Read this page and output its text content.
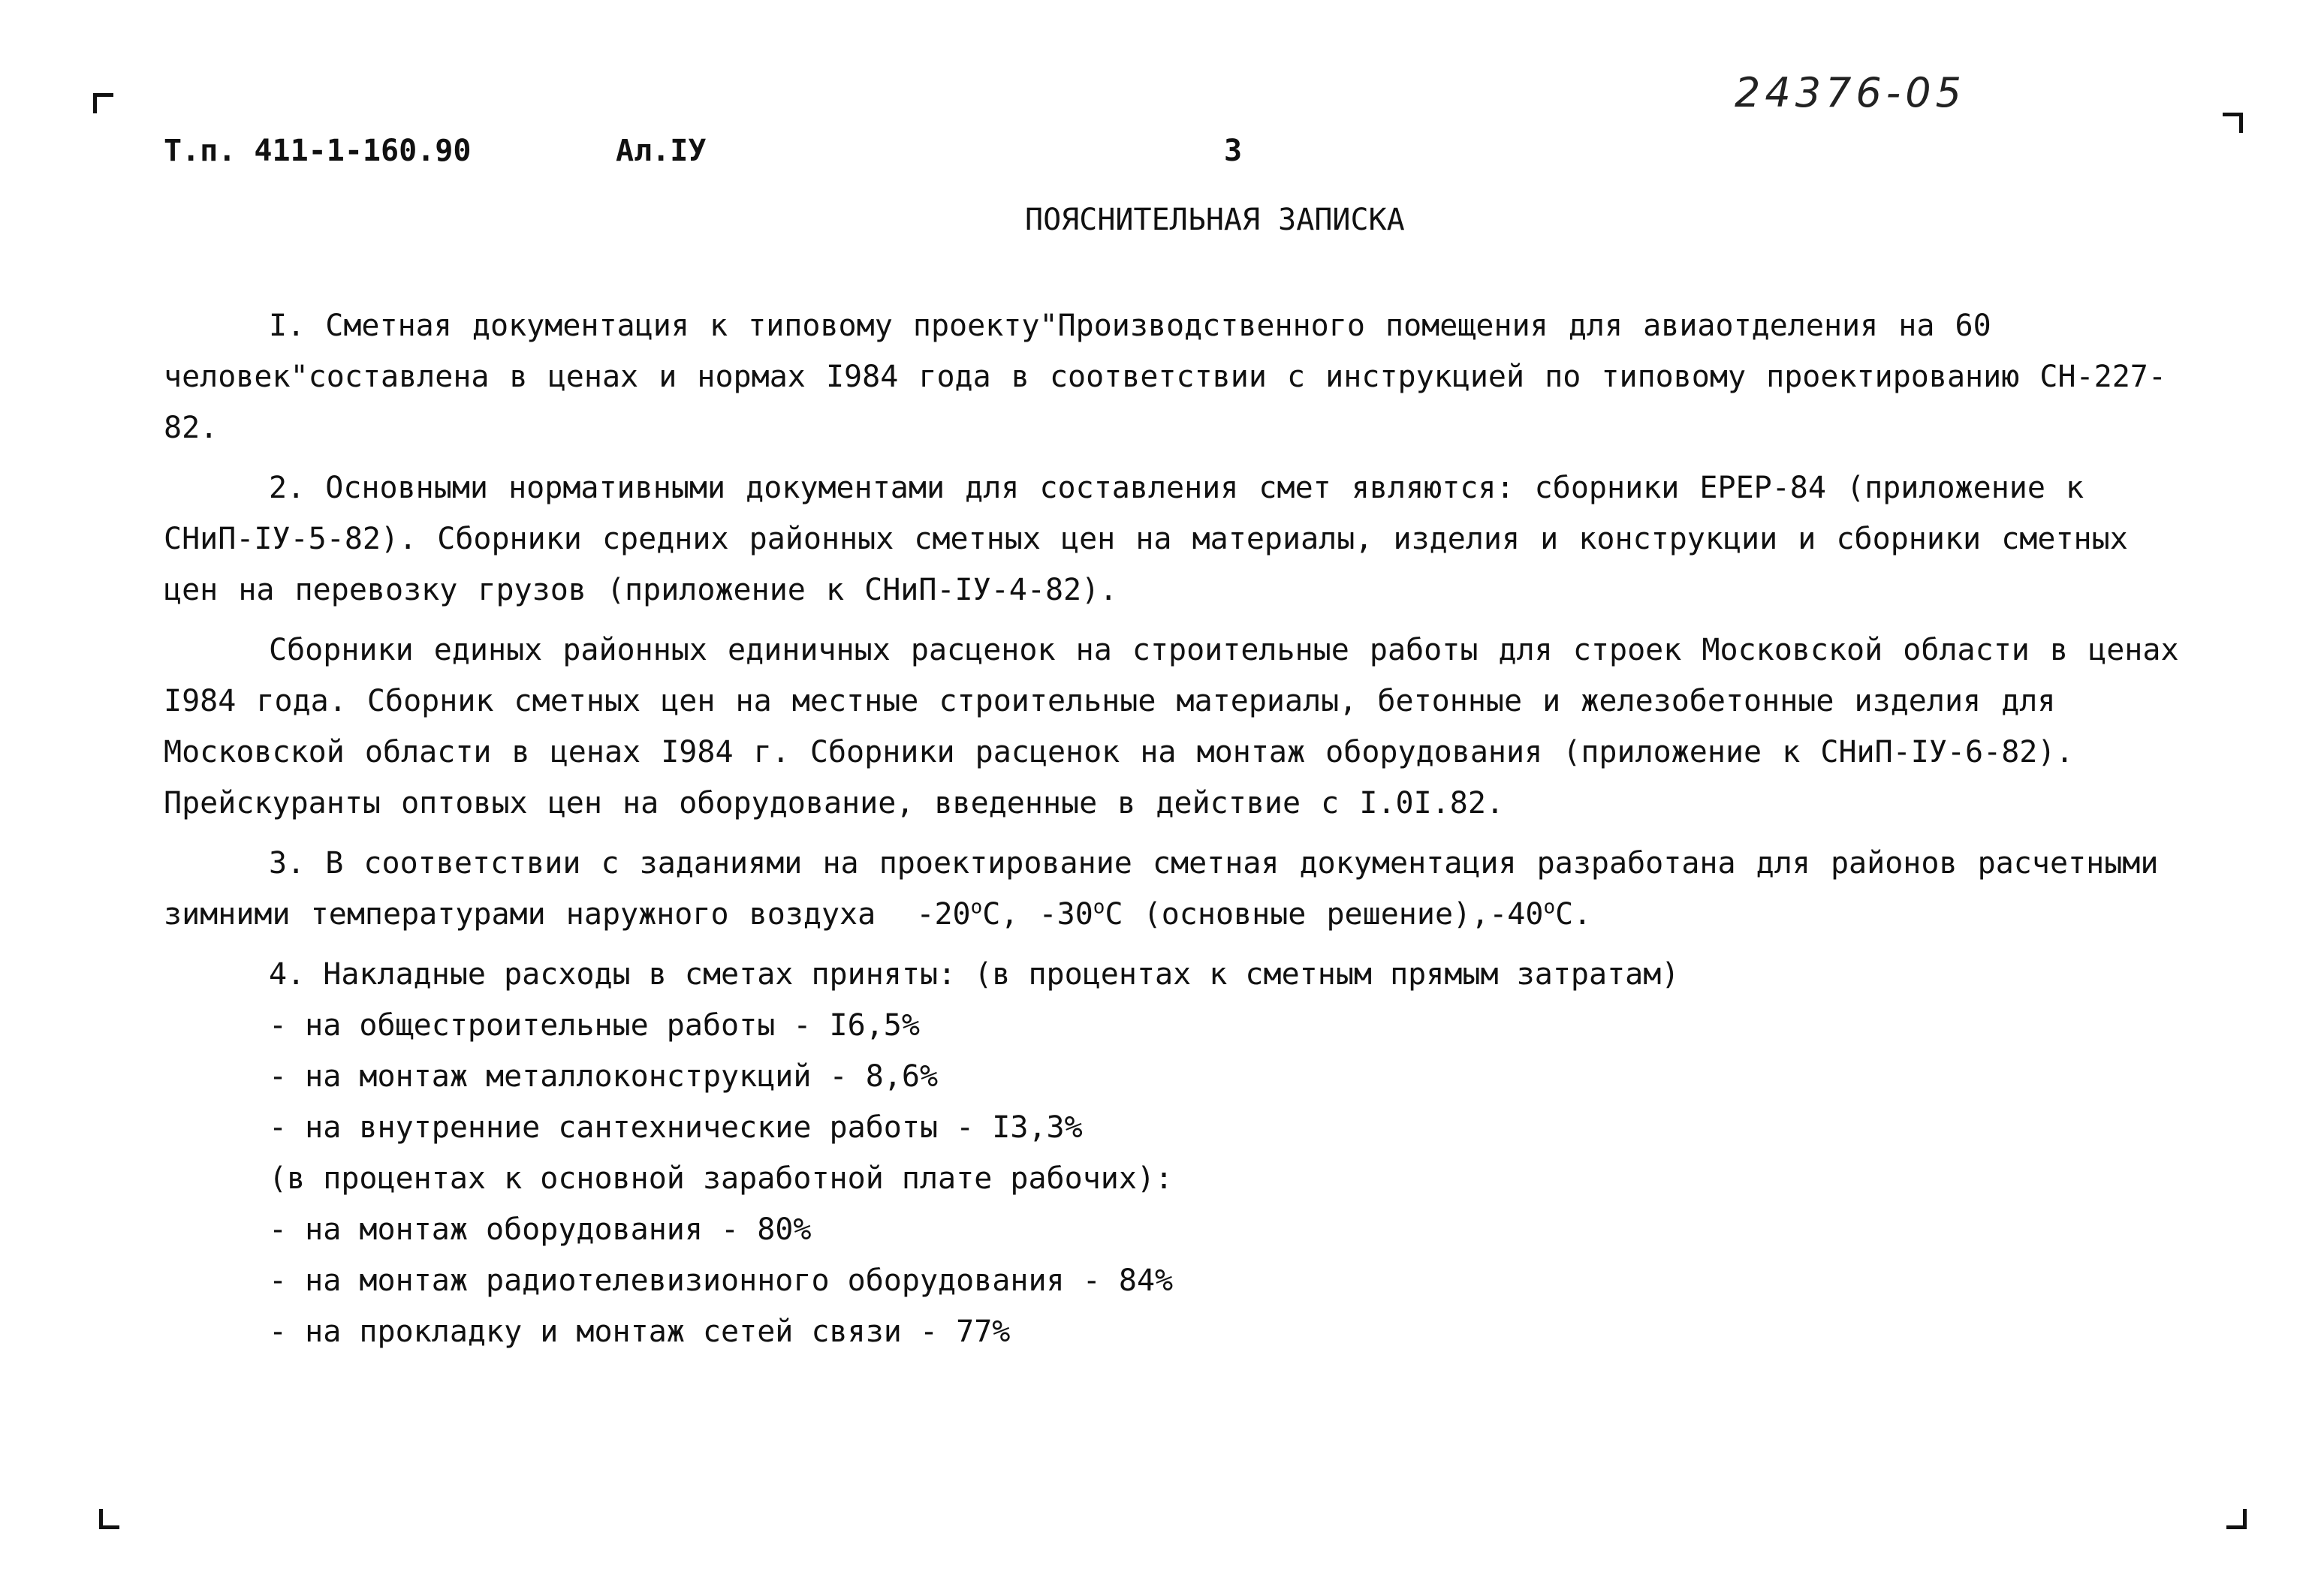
24376-05
Т.п. 411-1-160.90	Ал.IУ	3
ПОЯСНИТЕЛЬНАЯ ЗАПИСКА

I. Сметная документация к типовому проекту"Производственного помещения для авиаотделения на 60 человек"составлена в ценах и нормах I984 года в соответствии с инструкцией по типовому проектированию СН-227-82.

2. Основными нормативными документами для составления смет являются: сборники ЕРЕР-84 (приложение к СНиП-IУ-5-82). Сборники средних районных сметных цен на материалы, изделия и конструкции и сборники сметных цен на перевозку грузов (приложение к СНиП-IУ-4-82).

Сборники единых районных единичных расценок на строительные работы для строек Московской области в ценах I984 года. Сборник сметных цен на местные строительные материалы, бетонные и железобетонные изделия для Московской области в ценах I984 г. Сборники расценок на монтаж оборудования (приложение к СНиП-IУ-6-82). Прейскуранты оптовых цен на оборудование, введенные в действие с I.0I.82.

3. В соответствии с заданиями на проектирование сметная документация разработана для районов расчетными зимними температурами наружного воздуха -20$^o$C, -30$^o$C (основные решение),-40$^o$C.

4. Накладные расходы в сметах приняты: (в процентах к сметным прямым затратам)

- на общестроительные работы - I6,5%
- на монтаж металлоконструкций - 8,6%
- на внутренние сантехнические работы - I3,3%
(в процентах к основной заработной плате рабочих):
- на монтаж оборудования - 80%
- на монтаж радиотелевизионного оборудования - 84%
- на прокладку и монтаж сетей связи - 77%
